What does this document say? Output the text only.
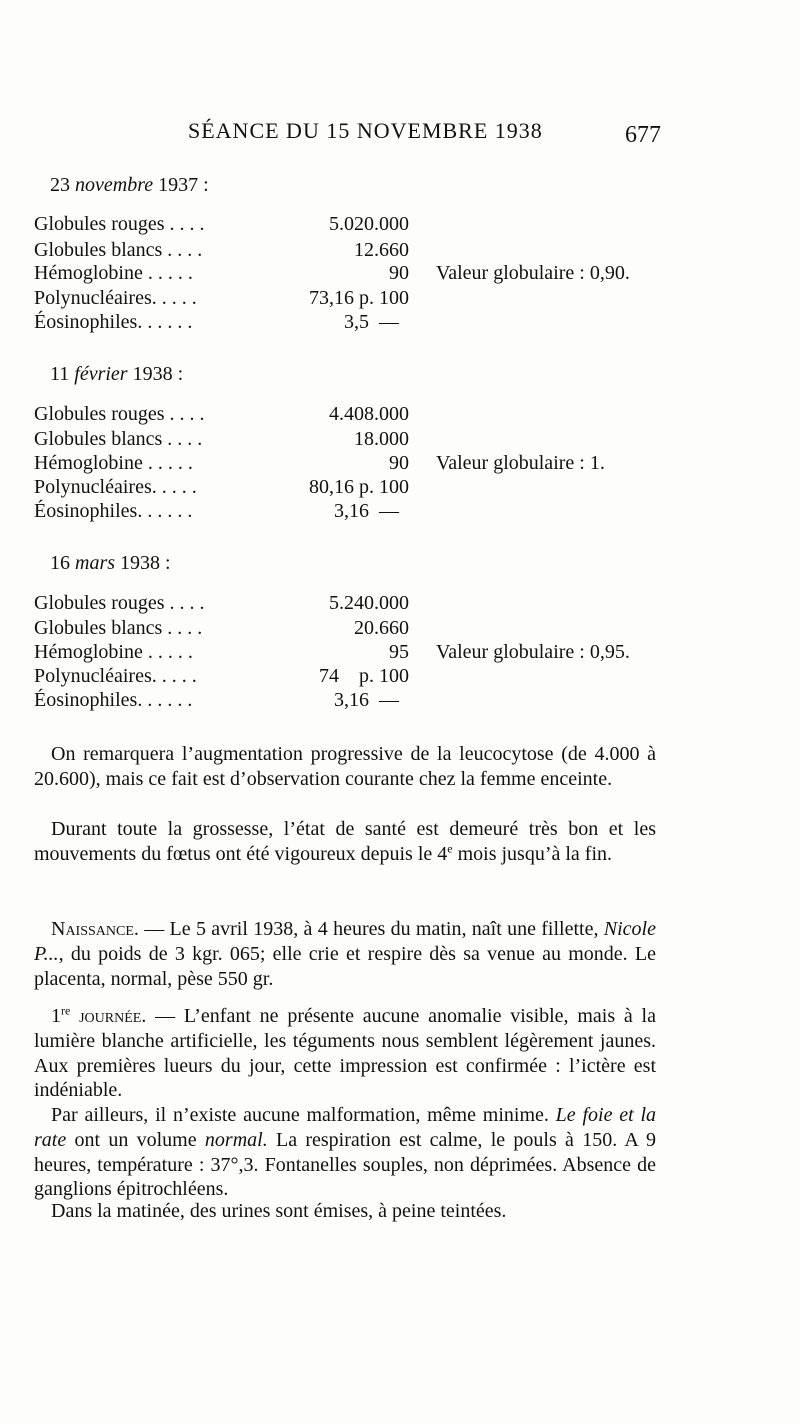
SÉANCE DU 15 NOVEMBRE 1938	677
23 novembre 1937 :
Globules rouges . . . .	5.020.000
Globules blancs . . . .	12.660
Hémoglobine . . . . .	90 Valeur globulaire : 0,90.
Polynucléaires. . . . .	73,16 p. 100
Éosinophiles. . . . . .	3,5  —
11 février 1938 :
Globules rouges . . . .	4.408.000
Globules blancs . . . .	18.000
Hémoglobine . . . . .	90 Valeur globulaire : 1.
Polynucléaires. . . . .	80,16 p. 100
Éosinophiles. . . . . .	3,16  —
16 mars 1938 :
Globules rouges . . . .	5.240.000
Globules blancs . . . .	20.660
Hémoglobine . . . . .	95 Valeur globulaire : 0,95.
Polynucléaires. . . . .	74    p. 100
Éosinophiles. . . . . .	3,16  —

On remarquera l’augmentation progressive de la leucocytose (de 4.000 à 20.600), mais ce fait est d’observation courante chez la femme enceinte.

Durant toute la grossesse, l’état de santé est demeuré très bon et les mouvements du fœtus ont été vigoureux depuis le 4e mois jusqu’à la fin.

Naissance. — Le 5 avril 1938, à 4 heures du matin, naît une fillette, Nicole P..., du poids de 3 kgr. 065; elle crie et respire dès sa venue au monde. Le placenta, normal, pèse 550 gr.

1re journée. — L’enfant ne présente aucune anomalie visible, mais à la lumière blanche artificielle, les téguments nous semblent légèrement jaunes. Aux premières lueurs du jour, cette impression est confirmée : l’ictère est indéniable.

Par ailleurs, il n’existe aucune malformation, même minime. Le foie et la rate ont un volume normal. La respiration est calme, le pouls à 150. A 9 heures, température : 37°,3. Fontanelles souples, non déprimées. Absence de ganglions épitrochléens.

Dans la matinée, des urines sont émises, à peine teintées.
